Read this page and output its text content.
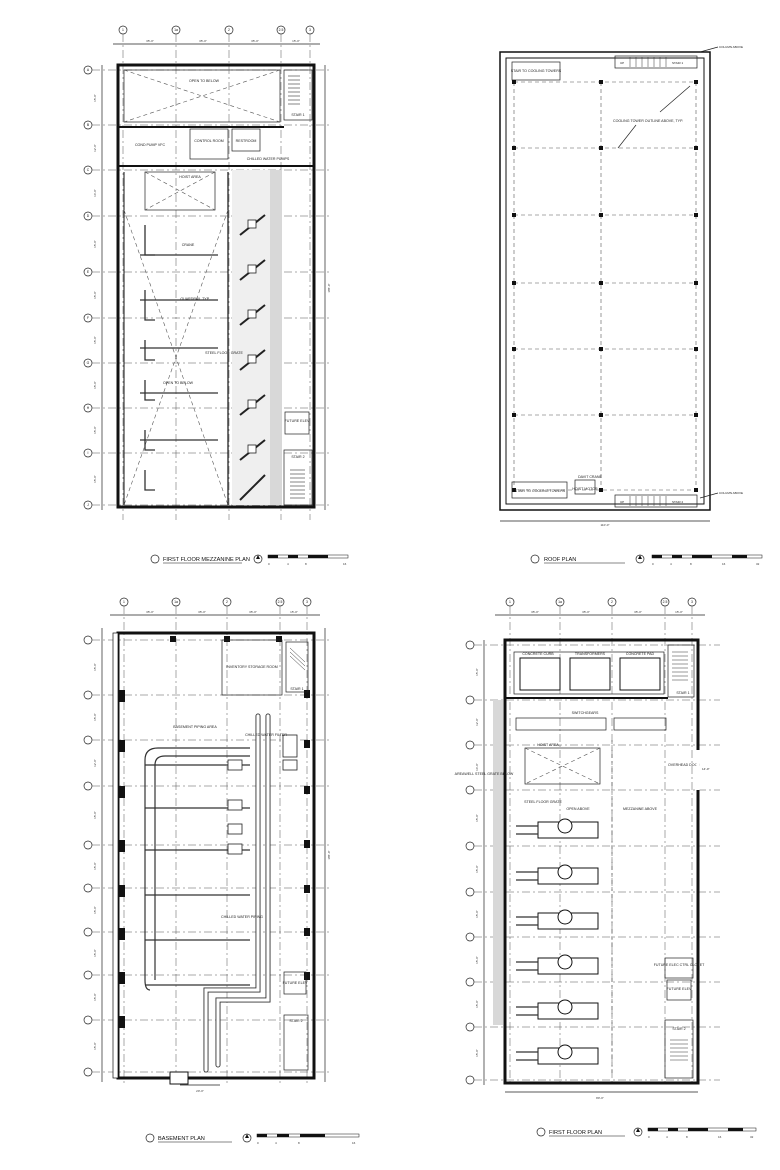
1	1a	2	2.5	3
35'-0"	35'-0"	35'-0"	15'-0"
A
B
C
D
E
F
G
H
I
J
185'-0"
15'-0"
12'-0"
14'-0"
15'-0"
15'-0"
15'-0"
15'-0"
15'-0"
15'-0"
OPEN TO BELOW
COND PUMP VFC
CONTROL ROOM	RESTROOM
CHILLED WATER PUMPS
STAIR 1
STAIR 2
FUTURE ELEV
HOIST AREA
CRANE
GUARDRAIL TYP.
STEEL FLOOR GRATE
OPEN TO BELOW
FIRST FLOOR MEZZANINE PLAN
0	4	8	16
STAIR TO COOLING TOWERS
UP	STAIR 1
COLUMN ABOVE
COOLING TOWER OUTLINE ABOVE, TYP.
DAVIT CRANE
HOIST MOTOR
STAIR TO COOLING TOWERS
UP	STAIR 2
COLUMN ABOVE
110'-0"
ROOF PLAN
0	4	8	16	32
1	1a	2	2.5	3
35'-0"	35'-0"	35'-0"	15'-0"
185'-0"
15'-0"
15'-0"
12'-0"
15'-0"
15'-0"
15'-0"
15'-0"
15'-0"
15'-0"
INVENTORY STORAGE ROOM
STAIR 1
BASEMENT PIPING AREA
CHILLED WATER FILTER
CHILLED WATER PIPING
FUTURE ELEV
STAIR 2
20'-0"
BASEMENT PLAN
0	4	8	16
1	1a	2	2.5	3
35'-0"	35'-0"	35'-0"	15'-0"
15'-0"
12'-0"
14'-0"
15'-0"
15'-0"
15'-0"
15'-0"
15'-0"
15'-0"
AREAWELL STEEL GRATE BELOW
CONCRETE CURB	TRANSFORMERS	CONCRETE PAD
STAIR 1
SWITCHGEARS
HOIST AREA
OVERHEAD DOOR
14'-0"
STEEL FLOOR GRATE
OPEN ABOVE	MEZZANINE ABOVE
FUTURE ELEC CTRL CLOSET
FUTURE ELEV
STAIR 2
80'-0"
FIRST FLOOR PLAN
0	4	8	16	32
